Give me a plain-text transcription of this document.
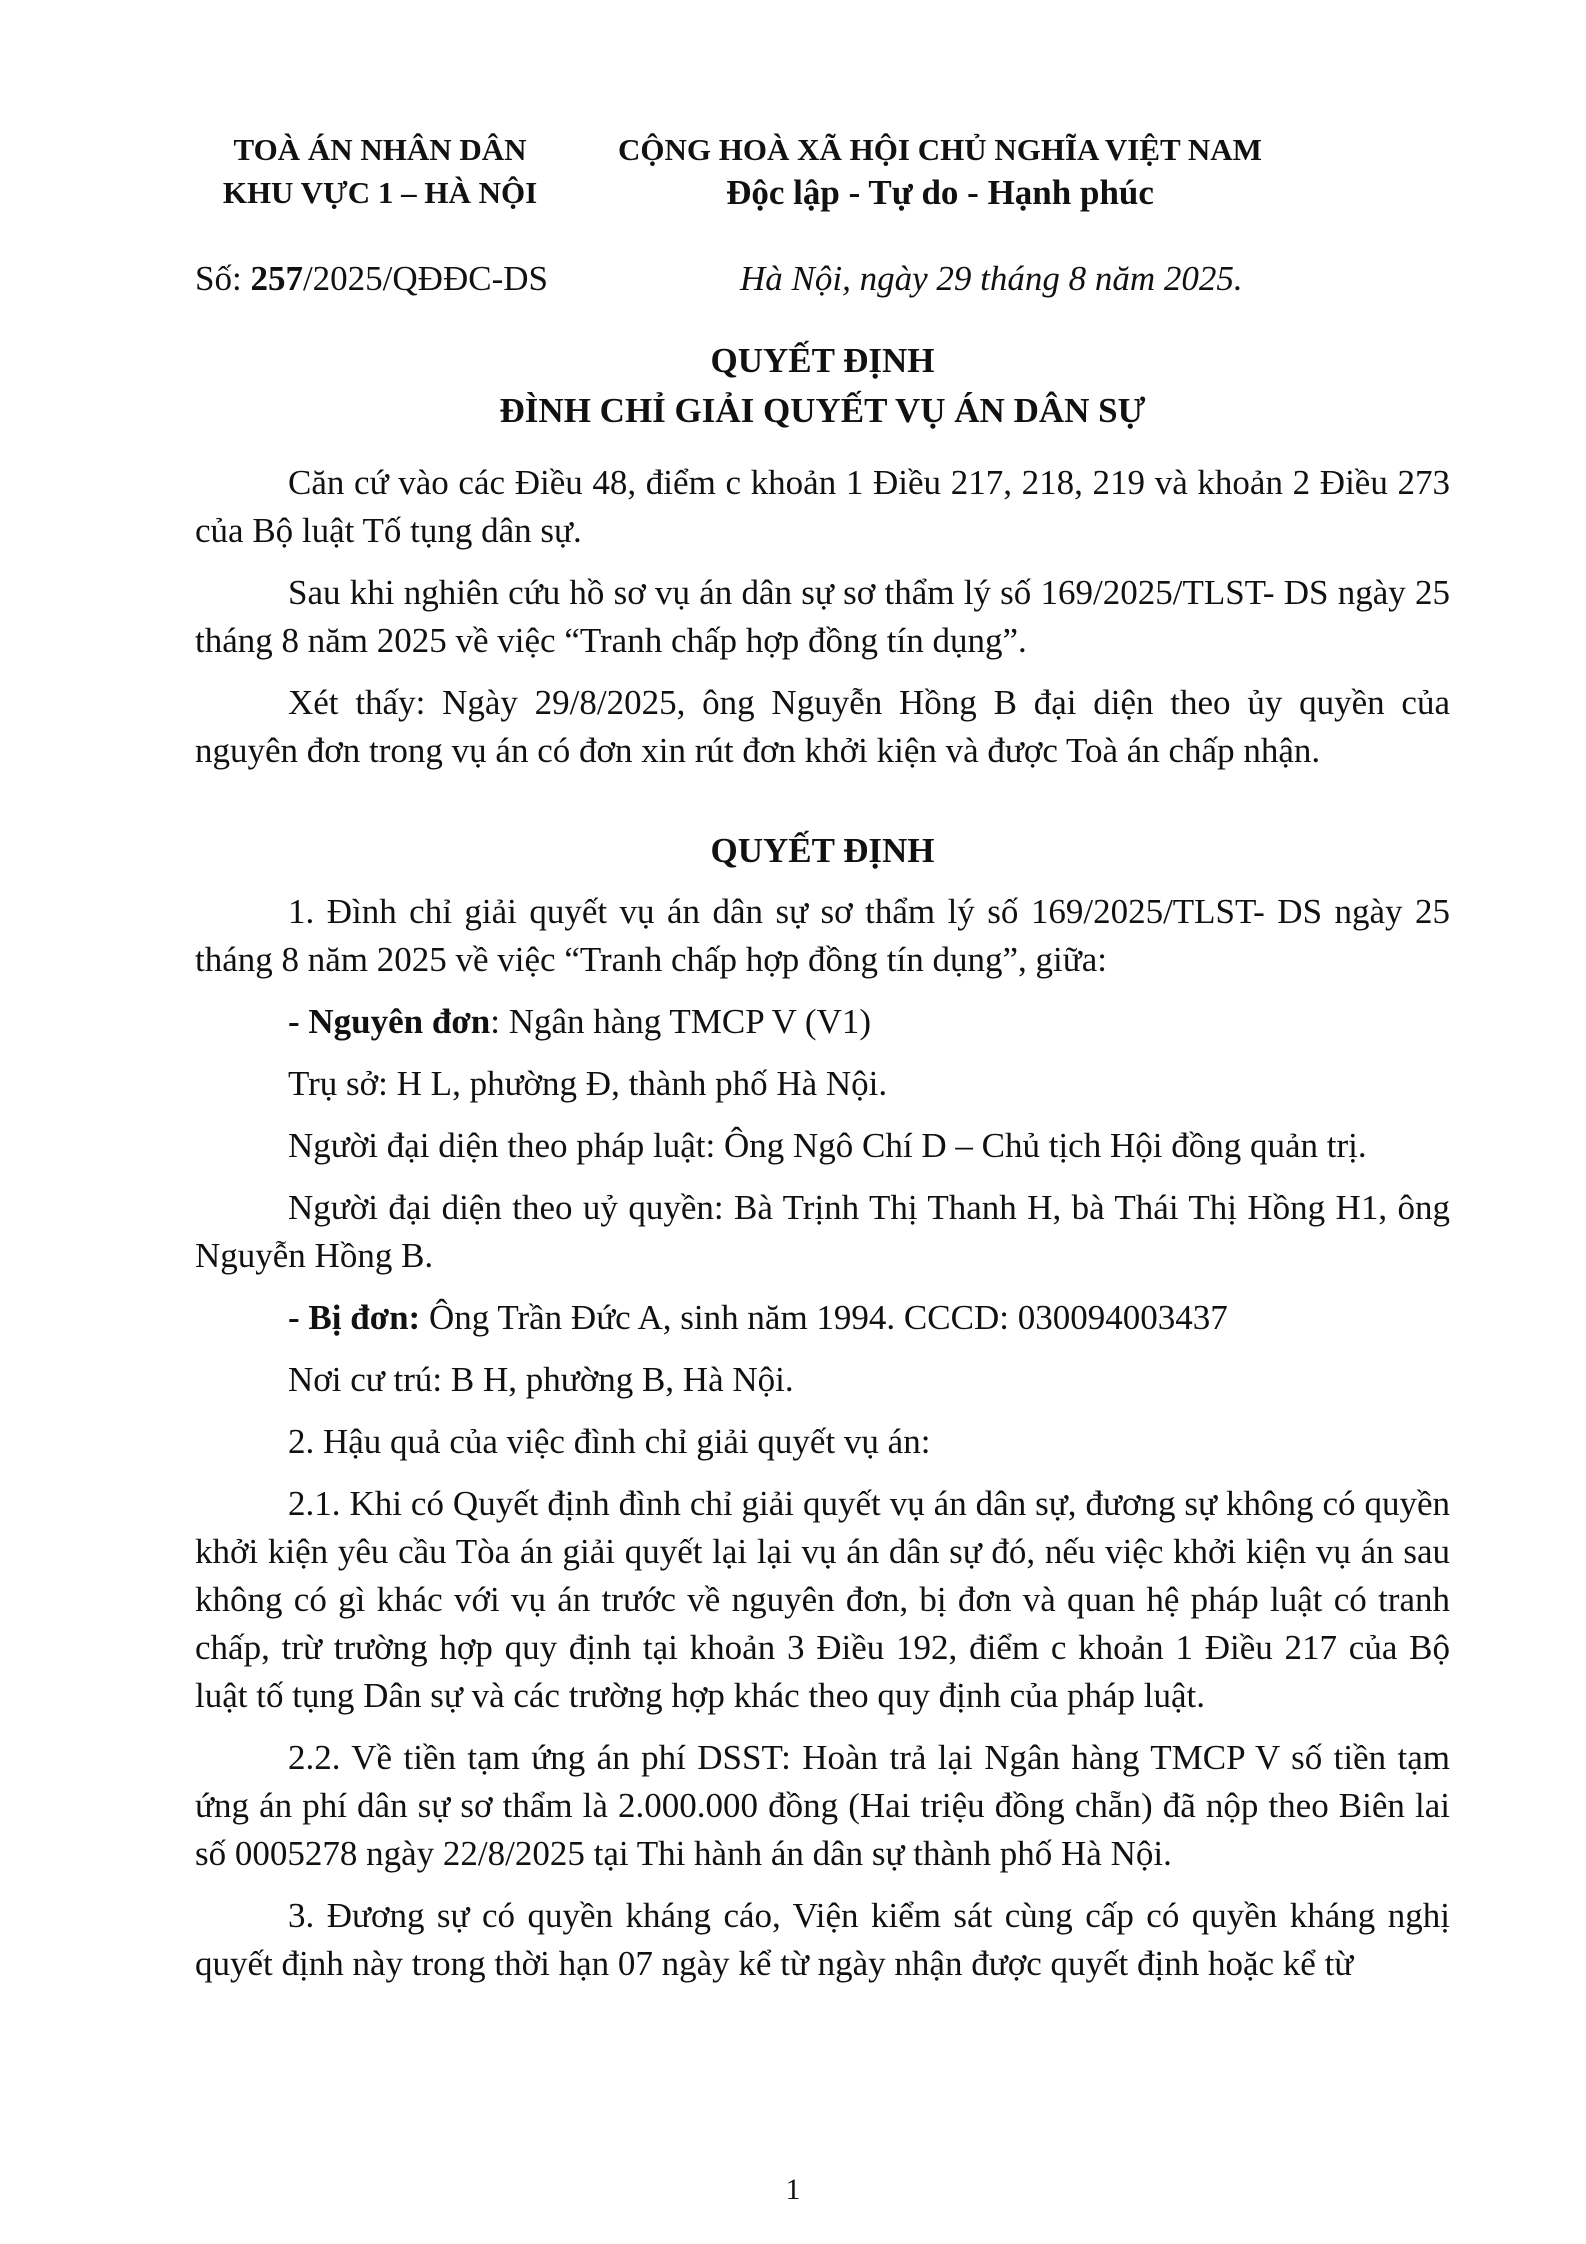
TOÀ ÁN NHÂN DÂN
KHU VỰC 1 – HÀ NỘI
CỘNG HOÀ XÃ HỘI CHỦ NGHĨA VIỆT NAM
Độc lập - Tự do - Hạnh phúc
Số: 257/2025/QĐĐC-DS	Hà Nội, ngày 29 tháng 8 năm 2025.
QUYẾT ĐỊNH
ĐÌNH CHỈ GIẢI QUYẾT VỤ ÁN DÂN SỰ

Căn cứ vào các Điều 48, điểm c khoản 1 Điều 217, 218, 219 và khoản 2 Điều 273 của Bộ luật Tố tụng dân sự.

Sau khi nghiên cứu hồ sơ vụ án dân sự sơ thẩm lý số 169/2025/TLST- DS ngày 25 tháng 8 năm 2025 về việc “Tranh chấp hợp đồng tín dụng”.

Xét thấy: Ngày 29/8/2025, ông Nguyễn Hồng B đại diện theo ủy quyền của nguyên đơn trong vụ án có đơn xin rút đơn khởi kiện và được Toà án chấp nhận.

QUYẾT ĐỊNH

1. Đình chỉ giải quyết vụ án dân sự sơ thẩm lý số 169/2025/TLST- DS ngày 25 tháng 8 năm 2025 về việc “Tranh chấp hợp đồng tín dụng”, giữa:

- Nguyên đơn: Ngân hàng TMCP V (V1)

Trụ sở: H L, phường Đ, thành phố Hà Nội.

Người đại diện theo pháp luật: Ông Ngô Chí D – Chủ tịch Hội đồng quản trị.

Người đại diện theo uỷ quyền: Bà Trịnh Thị Thanh H, bà Thái Thị Hồng H1, ông Nguyễn Hồng B.

- Bị đơn: Ông Trần Đức A, sinh năm 1994. CCCD: 030094003437

Nơi cư trú: B H, phường B, Hà Nội.

2. Hậu quả của việc đình chỉ giải quyết vụ án:

2.1. Khi có Quyết định đình chỉ giải quyết vụ án dân sự, đương sự không có quyền khởi kiện yêu cầu Tòa án giải quyết lại lại vụ án dân sự đó, nếu việc khởi kiện vụ án sau không có gì khác với vụ án trước về nguyên đơn, bị đơn và quan hệ pháp luật có tranh chấp, trừ trường hợp quy định tại khoản 3 Điều 192, điểm c khoản 1 Điều 217 của Bộ luật tố tụng Dân sự và các trường hợp khác theo quy định của pháp luật.

2.2. Về tiền tạm ứng án phí DSST: Hoàn trả lại Ngân hàng TMCP V số tiền tạm ứng án phí dân sự sơ thẩm là 2.000.000 đồng (Hai triệu đồng chẵn) đã nộp theo Biên lai số 0005278 ngày 22/8/2025 tại Thi hành án dân sự thành phố Hà Nội.

3. Đương sự có quyền kháng cáo, Viện kiểm sát cùng cấp có quyền kháng nghị quyết định này trong thời hạn 07 ngày kể từ ngày nhận được quyết định hoặc kể từ

1
